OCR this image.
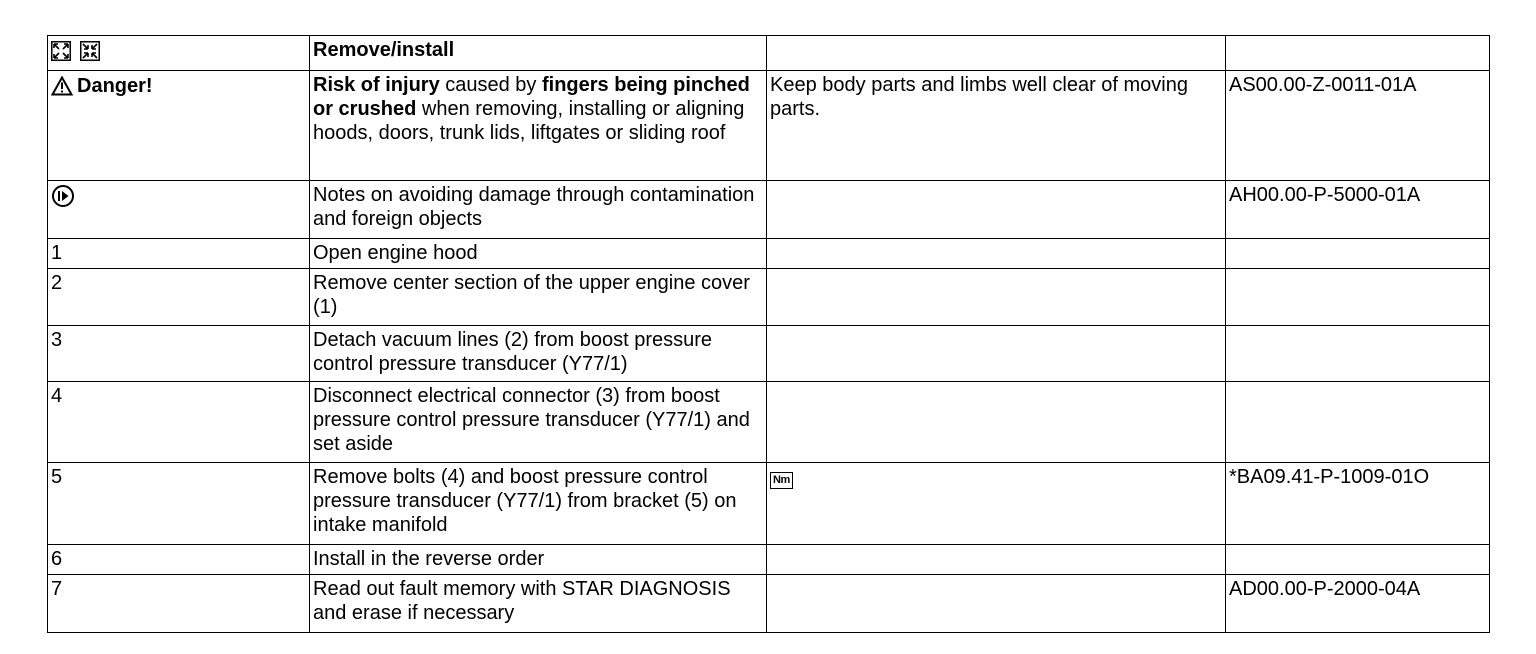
	Remove/install		
Danger!	Risk of injury caused by fingers being pinched or crushed when removing, installing or aligning hoods, doors, trunk lids, liftgates or sliding roof	Keep body parts and limbs well clear of moving parts.	AS00.00-Z-0011-01A
	Notes on avoiding damage through contamination and foreign objects		AH00.00-P-5000-01A
1	Open engine hood		
2	Remove center section of the upper engine cover (1)		
3	Detach vacuum lines (2) from boost pressure control pressure transducer (Y77/1)		
4	Disconnect electrical connector (3) from boost pressure control pressure transducer (Y77/1) and set aside		
5	Remove bolts (4) and boost pressure control pressure transducer (Y77/1) from bracket (5) on intake manifold	Nm	*BA09.41-P-1009-01O
6	Install in the reverse order		
7	Read out fault memory with STAR DIAGNOSIS and erase if necessary		AD00.00-P-2000-04A
